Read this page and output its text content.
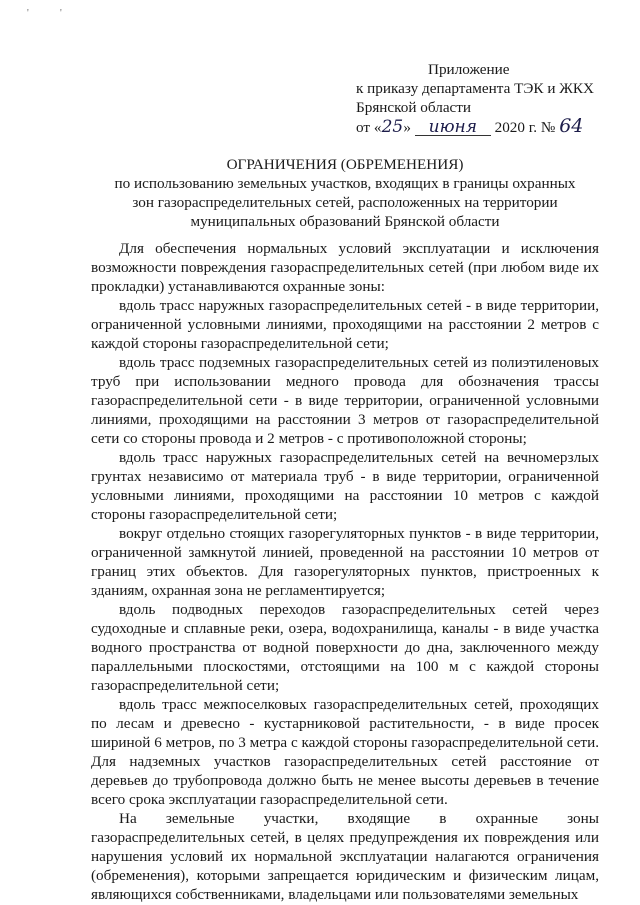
'	'
Приложение
к приказу департамента ТЭК и ЖКХ
Брянской области
от «25» июня 2020 г. № 64
ОГРАНИЧЕНИЯ (ОБРЕМЕНЕНИЯ)
по использованию земельных участков, входящих в границы охранных
зон газораспределительных сетей, расположенных на территории
муниципальных образований Брянской области

Для обеспечения нормальных условий эксплуатации и исключения возможности повреждения газораспределительных сетей (при любом виде их прокладки) устанавливаются охранные зоны:

вдоль трасс наружных газораспределительных сетей - в виде территории, ограниченной условными линиями, проходящими на расстоянии 2 метров с каждой стороны газораспределительной сети;

вдоль трасс подземных газораспределительных сетей из полиэтиленовых труб при использовании медного провода для обозначения трассы газораспределительной сети - в виде территории, ограниченной условными линиями, проходящими на расстоянии 3 метров от газораспределительной сети со стороны провода и 2 метров - с противоположной стороны;

вдоль трасс наружных газораспределительных сетей на вечномерзлых грунтах независимо от материала труб - в виде территории, ограниченной условными линиями, проходящими на расстоянии 10 метров с каждой стороны газораспределительной сети;

вокруг отдельно стоящих газорегуляторных пунктов - в виде территории, ограниченной замкнутой линией, проведенной на расстоянии 10 метров от границ этих объектов. Для газорегуляторных пунктов, пристроенных к зданиям, охранная зона не регламентируется;

вдоль подводных переходов газораспределительных сетей через судоходные и сплавные реки, озера, водохранилища, каналы - в виде участка водного пространства от водной поверхности до дна, заключенного между параллельными плоскостями, отстоящими на 100 м с каждой стороны газораспределительной сети;

вдоль трасс межпоселковых газораспределительных сетей, проходящих по лесам и древесно - кустарниковой растительности, - в виде просек шириной 6 метров, по 3 метра с каждой стороны газораспределительной сети. Для надземных участков газораспределительных сетей расстояние от деревьев до трубопровода должно быть не менее высоты деревьев в течение всего срока эксплуатации газораспределительной сети.

На земельные участки, входящие в охранные зоны газораспределительных сетей, в целях предупреждения их повреждения или нарушения условий их нормальной эксплуатации налагаются ограничения (обременения), которыми запрещается юридическим и физическим лицам, являющихся собственниками, владельцами или пользователями земельных
